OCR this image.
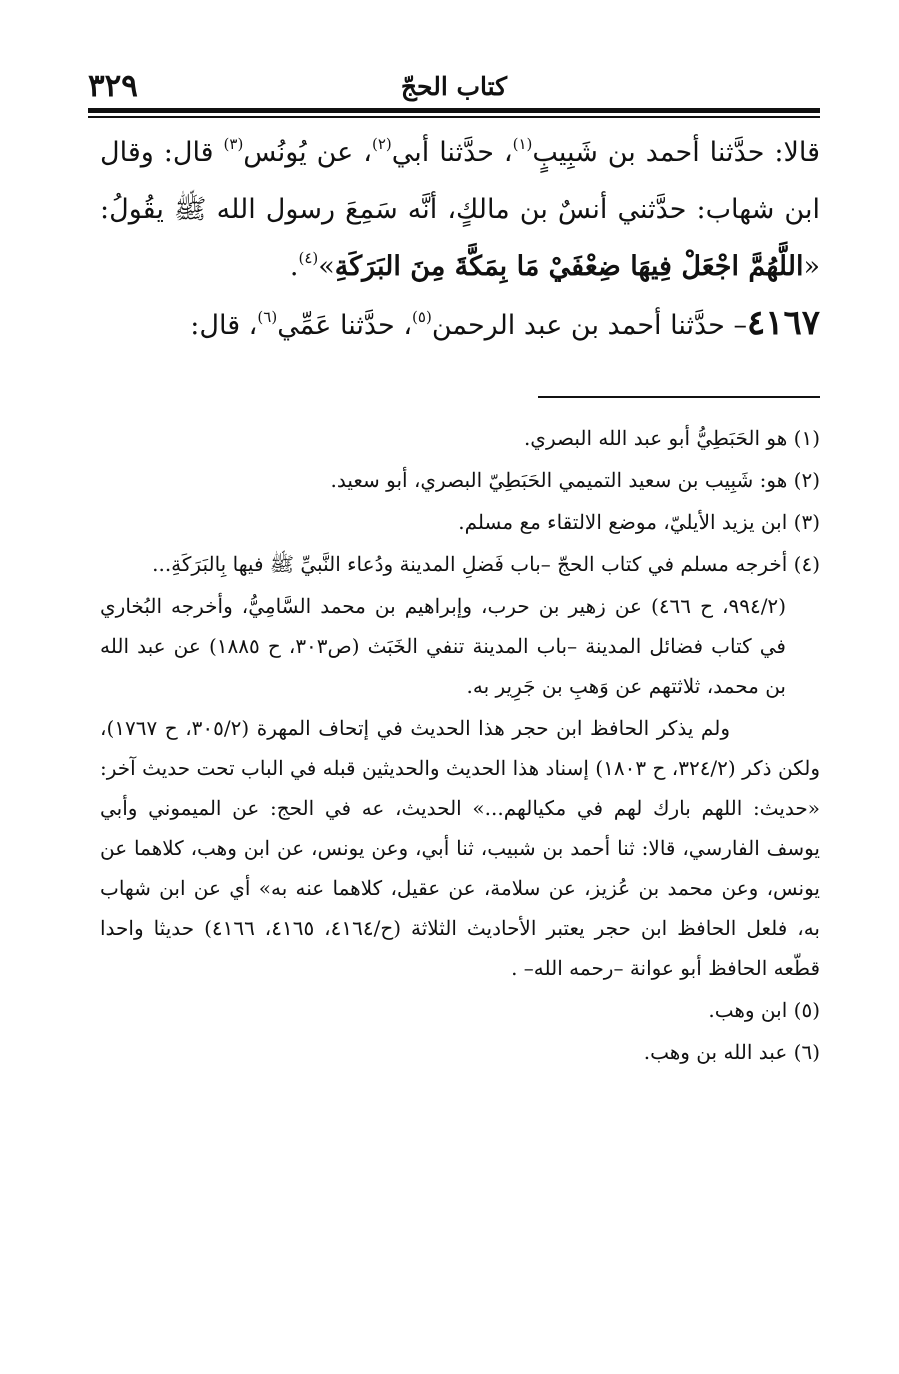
كتاب الحجّ
٣٢٩

قالا: حدَّثنا أحمد بن شَبِيبٍ$^{(١)}$، حدَّثنا أبي$^{(٢)}$، عن يُونُس$^{(٣)}$ قال: وقال ابن شهاب: حدَّثني أنسٌ بن مالكٍ، أنَّه سَمِعَ رسول الله ﷺ يقُولُ: «اللَّهُمَّ اجْعَلْ فِيهَا ضِعْفَيْ مَا بِمَكَّةَ مِنَ البَرَكَةِ»$^{(٤)}$.

٤١٦٧– حدَّثنا أحمد بن عبد الرحمن$^{(٥)}$، حدَّثنا عَمِّي$^{(٦)}$، قال:

(١) هو الحَبَطِيُّ أبو عبد الله البصري.

(٢) هو: شَبِيب بن سعيد التميمي الحَبَطِيّ البصري، أبو سعيد.

(٣) ابن يزيد الأيليّ، موضع الالتقاء مع مسلم.

(٤) أخرجه مسلم في كتاب الحجّ –باب فَضلِ المدينة ودُعاء النَّبيِّ ﷺ فيها بِالبَرَكَةِ...

(٩٩٤/٢، ح ٤٦٦) عن زهير بن حرب، وإبراهيم بن محمد السَّامِيُّ، وأخرجه البُخاري في كتاب فضائل المدينة –باب المدينة تنفي الخَبَث (ص٣٠٣، ح ١٨٨٥) عن عبد الله بن محمد، ثلاثتهم عن وَهبِ بن جَرِير به.

ولم يذكر الحافظ ابن حجر هذا الحديث في إتحاف المهرة (٣٠٥/٢، ح ١٧٦٧)، ولكن ذكر (٣٢٤/٢، ح ١٨٠٣) إسناد هذا الحديث والحديثين قبله في الباب تحت حديث آخر: «حديث: اللهم بارك لهم في مكيالهم...» الحديث، عه في الحج: عن الميموني وأبي يوسف الفارسي، قالا: ثنا أحمد بن شبيب، ثنا أبي، وعن يونس، عن ابن وهب، كلاهما عن يونس، وعن محمد بن عُزيز، عن سلامة، عن عقيل، كلاهما عنه به» أي عن ابن شهاب به، فلعل الحافظ ابن حجر يعتبر الأحاديث الثلاثة (ح/٤١٦٤، ٤١٦٥، ٤١٦٦) حديثا واحدا قطّعه الحافظ أبو عوانة –رحمه الله– .

(٥) ابن وهب.

(٦) عبد الله بن وهب.
